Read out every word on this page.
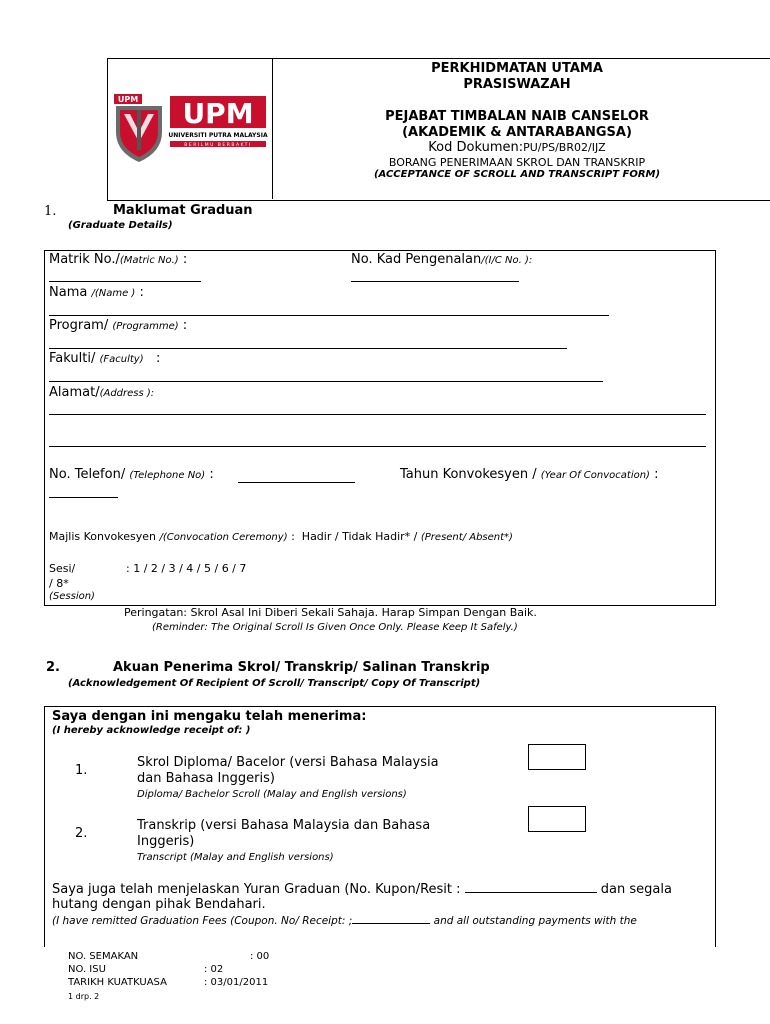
UPM UPM
UNIVERSITI PUTRA MALAYSIA
BERILMU BERBAKTI
PERKHIDMATAN UTAMA
PRASISWAZAH
PEJABAT TIMBALAN NAIB CANSELOR
(AKADEMIK & ANTARABANGSA)
Kod Dokumen:PU/PS/BR02/IJZ
BORANG PENERIMAAN SKROL DAN TRANSKRIP
(ACCEPTANCE OF SCROLL AND TRANSCRIPT FORM)
1.	Maklumat Graduan
(Graduate Details)
Matrik No./(Matric No.) :	No. Kad Pengenalan/(I/C No. ):
Nama /(Name ) :
Program/ (Programme) :
Fakulti/ (Faculty)   :
Alamat/(Address ):
No. Telefon/ (Telephone No) :	Tahun Konvokesyen / (Year Of Convocation) :
Majlis Konvokesyen /(Convocation Ceremony) :  Hadir / Tidak Hadir* / (Present/ Absent*)
Sesi/	: 1 / 2 / 3 / 4 / 5 / 6 / 7
/ 8*
(Session)
Peringatan: Skrol Asal Ini Diberi Sekali Sahaja. Harap Simpan Dengan Baik.
(Reminder: The Original Scroll Is Given Once Only. Please Keep It Safely.)
2.	Akuan Penerima Skrol/ Transkrip/ Salinan Transkrip
(Acknowledgement Of Recipient Of Scroll/ Transcript/ Copy Of Transcript)
Saya dengan ini mengaku telah menerima:
(I hereby acknowledge receipt of: )
1.
Skrol Diploma/ Bacelor (versi Bahasa Malaysia
dan Bahasa Inggeris)
Diploma/ Bachelor Scroll (Malay and English versions)
2.
Transkrip (versi Bahasa Malaysia dan Bahasa
Inggeris)
Transcript (Malay and English versions)
Saya juga telah menjelaskan Yuran Graduan (No. Kupon/Resit :	dan segala
hutang dengan pihak Bendahari.
(I have remitted Graduation Fees (Coupon. No/ Receipt: ;	and all outstanding payments with the
NO. SEMAKAN	: 00
NO. ISU	: 02
TARIKH KUATKUASA	: 03/01/2011
1 drp. 2
